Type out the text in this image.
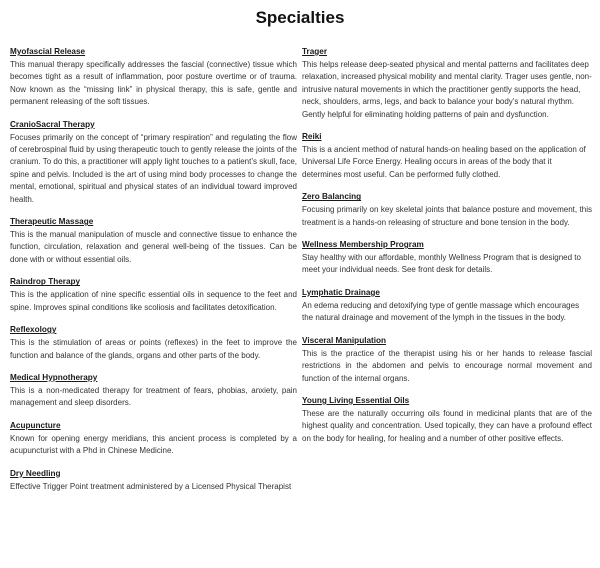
Specialties
Myofascial Release
This manual therapy specifically addresses the fascial (connective) tissue which becomes tight as a result of inflammation, poor posture overtime or of trauma. Now known as the “missing link” in physical therapy, this is safe, gentle and permanent releasing of the soft tissues.
CranioSacral Therapy
Focuses primarily on the concept of “primary respiration” and regulating the flow of cerebrospinal fluid by using therapeutic touch to gently release the joints of the cranium. To do this, a practitioner will apply light touches to a patient’s skull, face, spine and pelvis. Included is the art of using mind body processes to change the mental, emotional, spiritual and physical states of an individual toward improved health.
Therapeutic Massage
This is the manual manipulation of muscle and connective tissue to enhance the function, circulation, relaxation and general well-being of the tissues. Can be done with or without essential oils.
Raindrop Therapy
This is the application of nine specific essential oils in sequence to the feet and spine. Improves spinal conditions like scoliosis and facilitates detoxification.
Reflexology
This is the stimulation of areas or points (reflexes) in the feet to improve the function and balance of the glands, organs and other parts of the body.
Medical Hypnotherapy
This is a non-medicated therapy for treatment of fears, phobias, anxiety, pain management and sleep disorders.
Acupuncture
Known for opening energy meridians, this ancient process is completed by a acupuncturist with a Phd in Chinese Medicine.
Dry Needling
Effective Trigger Point treatment administered by a Licensed Physical Therapist
Trager
This helps release deep-seated physical and mental patterns and facilitates deep relaxation, increased physical mobility and mental clarity. Trager uses gentle, non-intrusive natural movements in which the practitioner gently supports the head, neck, shoulders, arms, legs, and back to balance your body’s natural rhythm. Gently helpful for eliminating holding patterns of pain and dysfunction.
Reiki
This is a ancient method of natural hands-on healing based on the application of Universal Life Force Energy. Healing occurs in areas of the body that it determines most useful. Can be performed fully clothed.
Zero Balancing
Focusing primarily on key skeletal joints that balance posture and movement, this treatment is a hands-on releasing of structure and bone tension in the body.
Wellness Membership Program
Stay healthy with our affordable, monthly Wellness Program that is designed to meet your individual needs. See front desk for details.
Lymphatic Drainage
An edema reducing and detoxifying type of gentle massage which encourages the natural drainage and movement of the lymph in the tissues in the body.
Visceral Manipulation
This is the practice of the therapist using his or her hands to release fascial restrictions in the abdomen and pelvis to encourage normal movement and function of the internal organs.
Young Living Essential Oils
These are the naturally occurring oils found in medicinal plants that are of the highest quality and concentration. Used topically, they can have a profound effect on the body for healing, for healing and a number of other positive effects.
